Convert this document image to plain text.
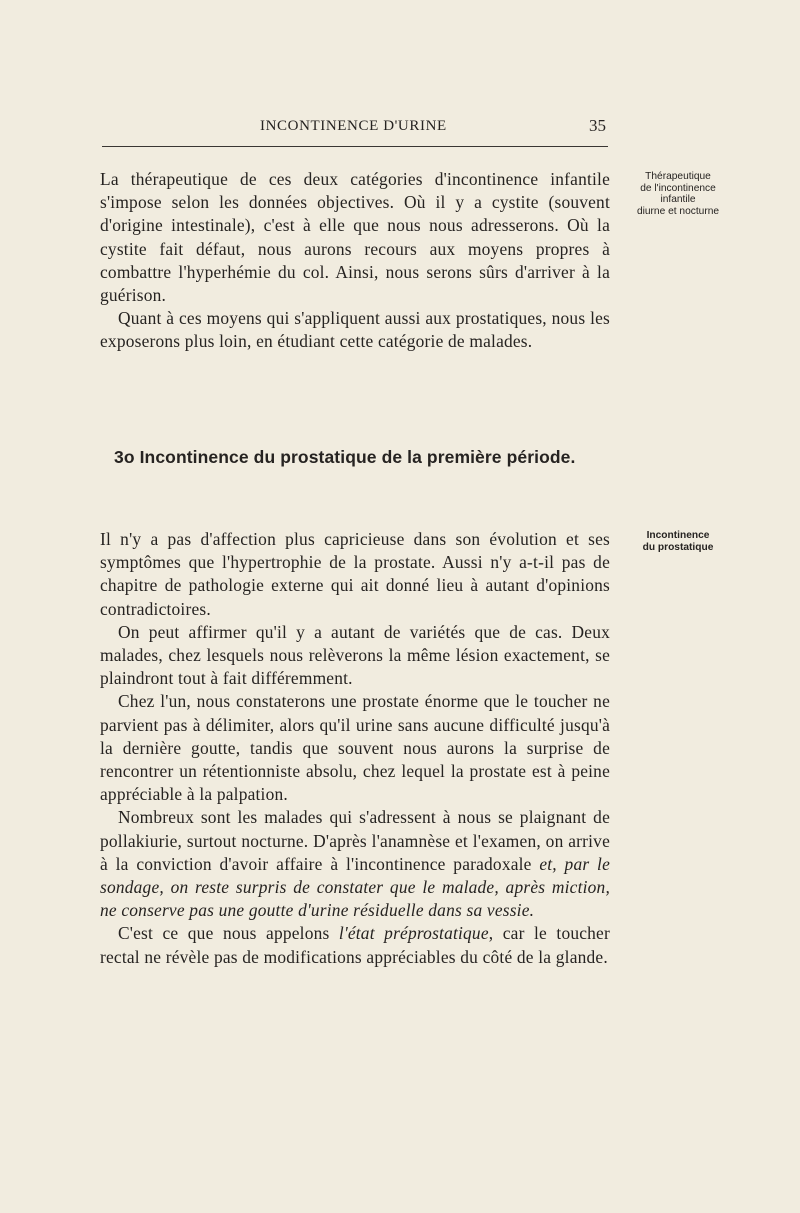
INCONTINENCE D'URINE	35
Thérapeutique
de l'incontinence
infantile
diurne et nocturne

La thérapeutique de ces deux catégories d'incontinence infantile s'impose selon les données objectives. Où il y a cystite (souvent d'origine intestinale), c'est à elle que nous nous adresserons. Où la cystite fait défaut, nous aurons recours aux moyens propres à combattre l'hyperhémie du col. Ainsi, nous serons sûrs d'arriver à la guérison.

Quant à ces moyens qui s'appliquent aussi aux prostatiques, nous les exposerons plus loin, en étudiant cette catégorie de malades.

3o Incontinence du prostatique de la première période.
Incontinence
du prostatique

Il n'y a pas d'affection plus capricieuse dans son évolution et ses symptômes que l'hypertrophie de la prostate. Aussi n'y a-t-il pas de chapitre de pathologie externe qui ait donné lieu à autant d'opinions contradictoires.

On peut affirmer qu'il y a autant de variétés que de cas. Deux malades, chez lesquels nous relèverons la même lésion exactement, se plaindront tout à fait différemment.

Chez l'un, nous constaterons une prostate énorme que le toucher ne parvient pas à délimiter, alors qu'il urine sans aucune difficulté jusqu'à la dernière goutte, tandis que souvent nous aurons la surprise de rencontrer un rétentionniste absolu, chez lequel la prostate est à peine appréciable à la palpation.

Nombreux sont les malades qui s'adressent à nous se plaignant de pollakiurie, surtout nocturne. D'après l'anamnèse et l'examen, on arrive à la conviction d'avoir affaire à l'incontinence paradoxale et, par le sondage, on reste surpris de constater que le malade, après miction, ne conserve pas une goutte d'urine résiduelle dans sa vessie.

C'est ce que nous appelons l'état préprostatique, car le toucher rectal ne révèle pas de modifications appréciables du côté de la glande.
